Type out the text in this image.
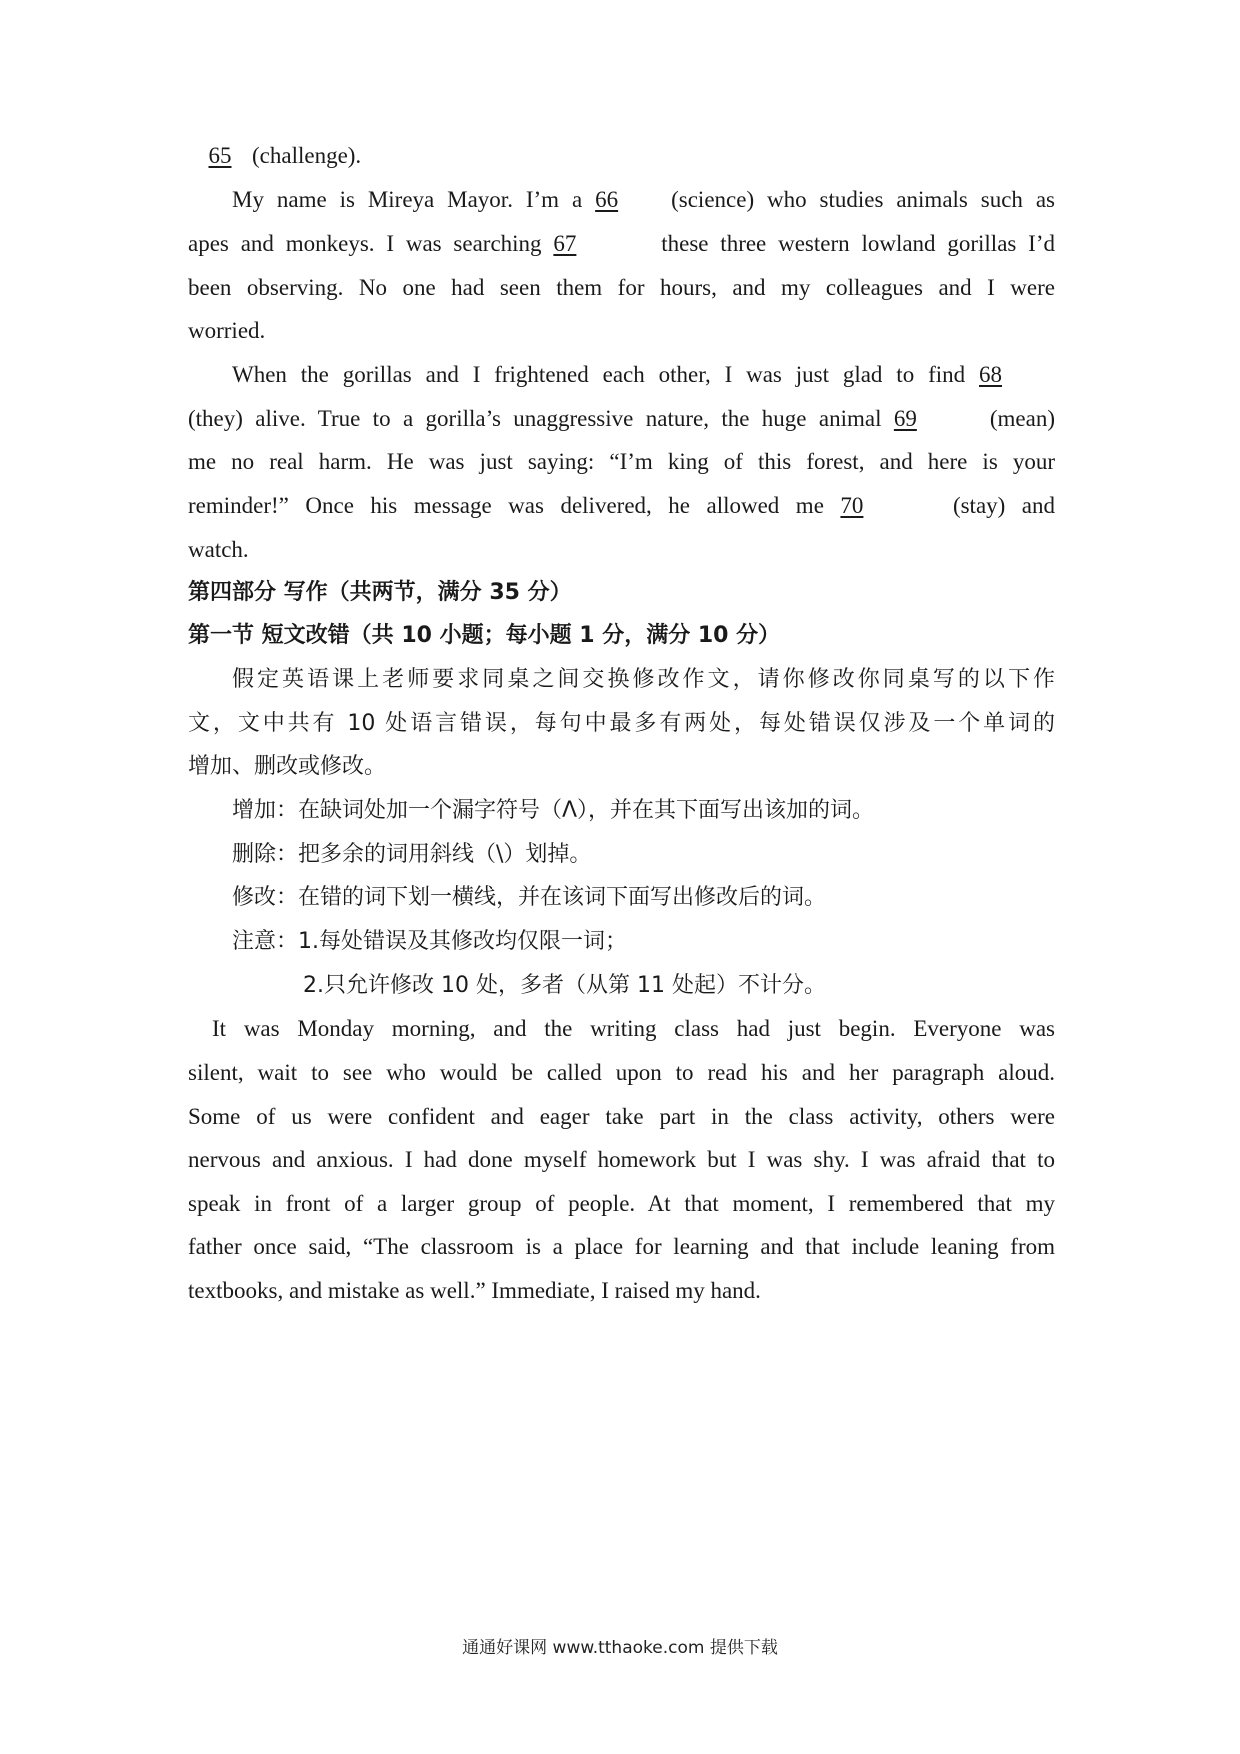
65 (challenge).
My name is Mireya Mayor. I’m a 66 (science) who studies animals such as
apes and monkeys. I was searching 67	these three western lowland gorillas I’d
been observing. No one had seen them for hours, and my colleagues and I were
worried.
When the gorillas and I frightened each other, I was just glad to find 68
(they) alive. True to a gorilla’s unaggressive nature, the huge animal 69	(mean)
me no real harm. He was just saying: “I’m king of this forest, and here is your
reminder!” Once his message was delivered, he allowed me 70	(stay) and
watch.
第四部分 写作（共两节，满分 35 分）
第一节 短文改错（共 10 小题；每小题 1 分，满分 10 分）
假定英语课上老师要求同桌之间交换修改作文，请你修改你同桌写的以下作
文，文中共有 10 处语言错误，每句中最多有两处，每处错误仅涉及一个单词的
增加、删改或修改。
增加：在缺词处加一个漏字符号（Λ），并在其下面写出该加的词。
删除：把多余的词用斜线（\）划掉。
修改：在错的词下划一横线，并在该词下面写出修改后的词。
注意：1.每处错误及其修改均仅限一词；
2.只允许修改 10 处，多者（从第 11 处起）不计分。
It was Monday morning, and the writing class had just begin. Everyone was
silent, wait to see who would be called upon to read his and her paragraph aloud.
Some of us were confident and eager take part in the class activity, others were
nervous and anxious. I had done myself homework but I was shy. I was afraid that to
speak in front of a larger group of people. At that moment, I remembered that my
father once said, “The classroom is a place for learning and that include leaning from
textbooks, and mistake as well.” Immediate, I raised my hand.
通通好课网 www.tthaoke.com 提供下载
